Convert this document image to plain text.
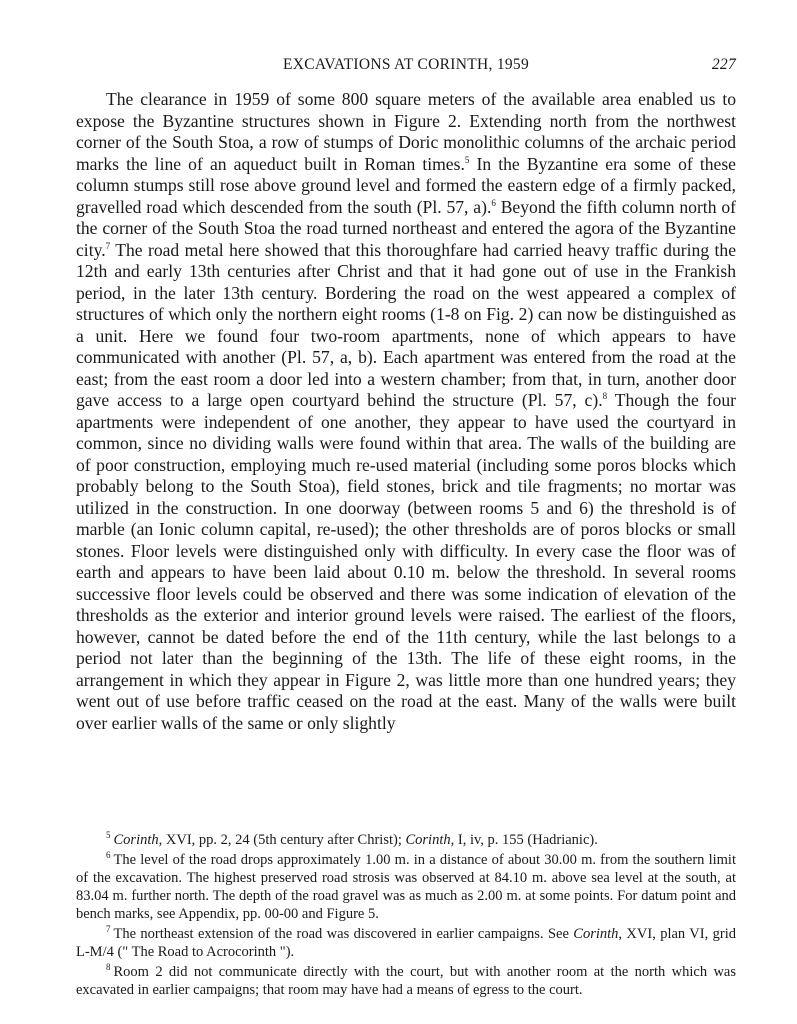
EXCAVATIONS AT CORINTH, 1959	227

The clearance in 1959 of some 800 square meters of the available area enabled us to expose the Byzantine structures shown in Figure 2. Extending north from the northwest corner of the South Stoa, a row of stumps of Doric monolithic columns of the archaic period marks the line of an aqueduct built in Roman times.$^5$ In the Byzantine era some of these column stumps still rose above ground level and formed the eastern edge of a firmly packed, gravelled road which descended from the south (Pl. 57, a).$^6$ Beyond the fifth column north of the corner of the South Stoa the road turned northeast and entered the agora of the Byzantine city.$^7$ The road metal here showed that this thoroughfare had carried heavy traffic during the 12th and early 13th centuries after Christ and that it had gone out of use in the Frankish period, in the later 13th century. Bordering the road on the west appeared a complex of structures of which only the northern eight rooms (1-8 on Fig. 2) can now be distinguished as a unit. Here we found four two-room apartments, none of which appears to have communicated with another (Pl. 57, a, b). Each apartment was entered from the road at the east; from the east room a door led into a western chamber; from that, in turn, another door gave access to a large open courtyard behind the structure (Pl. 57, c).$^8$ Though the four apartments were independent of one another, they appear to have used the courtyard in common, since no dividing walls were found within that area. The walls of the building are of poor construction, employing much re-used material (including some poros blocks which probably belong to the South Stoa), field stones, brick and tile fragments; no mortar was utilized in the construction. In one doorway (between rooms 5 and 6) the threshold is of marble (an Ionic column capital, re-used); the other thresholds are of poros blocks or small stones. Floor levels were distinguished only with difficulty. In every case the floor was of earth and appears to have been laid about 0.10 m. below the threshold. In several rooms successive floor levels could be observed and there was some indication of elevation of the thresholds as the exterior and interior ground levels were raised. The earliest of the floors, however, cannot be dated before the end of the 11th century, while the last belongs to a period not later than the beginning of the 13th. The life of these eight rooms, in the arrangement in which they appear in Figure 2, was little more than one hundred years; they went out of use before traffic ceased on the road at the east. Many of the walls were built over earlier walls of the same or only slightly

$^5$ Corinth, XVI, pp. 2, 24 (5th century after Christ); Corinth, I, iv, p. 155 (Hadrianic).

$^6$ The level of the road drops approximately 1.00 m. in a distance of about 30.00 m. from the southern limit of the excavation. The highest preserved road strosis was observed at 84.10 m. above sea level at the south, at 83.04 m. further north. The depth of the road gravel was as much as 2.00 m. at some points. For datum point and bench marks, see Appendix, pp. 00-00 and Figure 5.

$^7$ The northeast extension of the road was discovered in earlier campaigns. See Corinth, XVI, plan VI, grid L-M/4 (" The Road to Acrocorinth ").

$^8$ Room 2 did not communicate directly with the court, but with another room at the north which was excavated in earlier campaigns; that room may have had a means of egress to the court.
